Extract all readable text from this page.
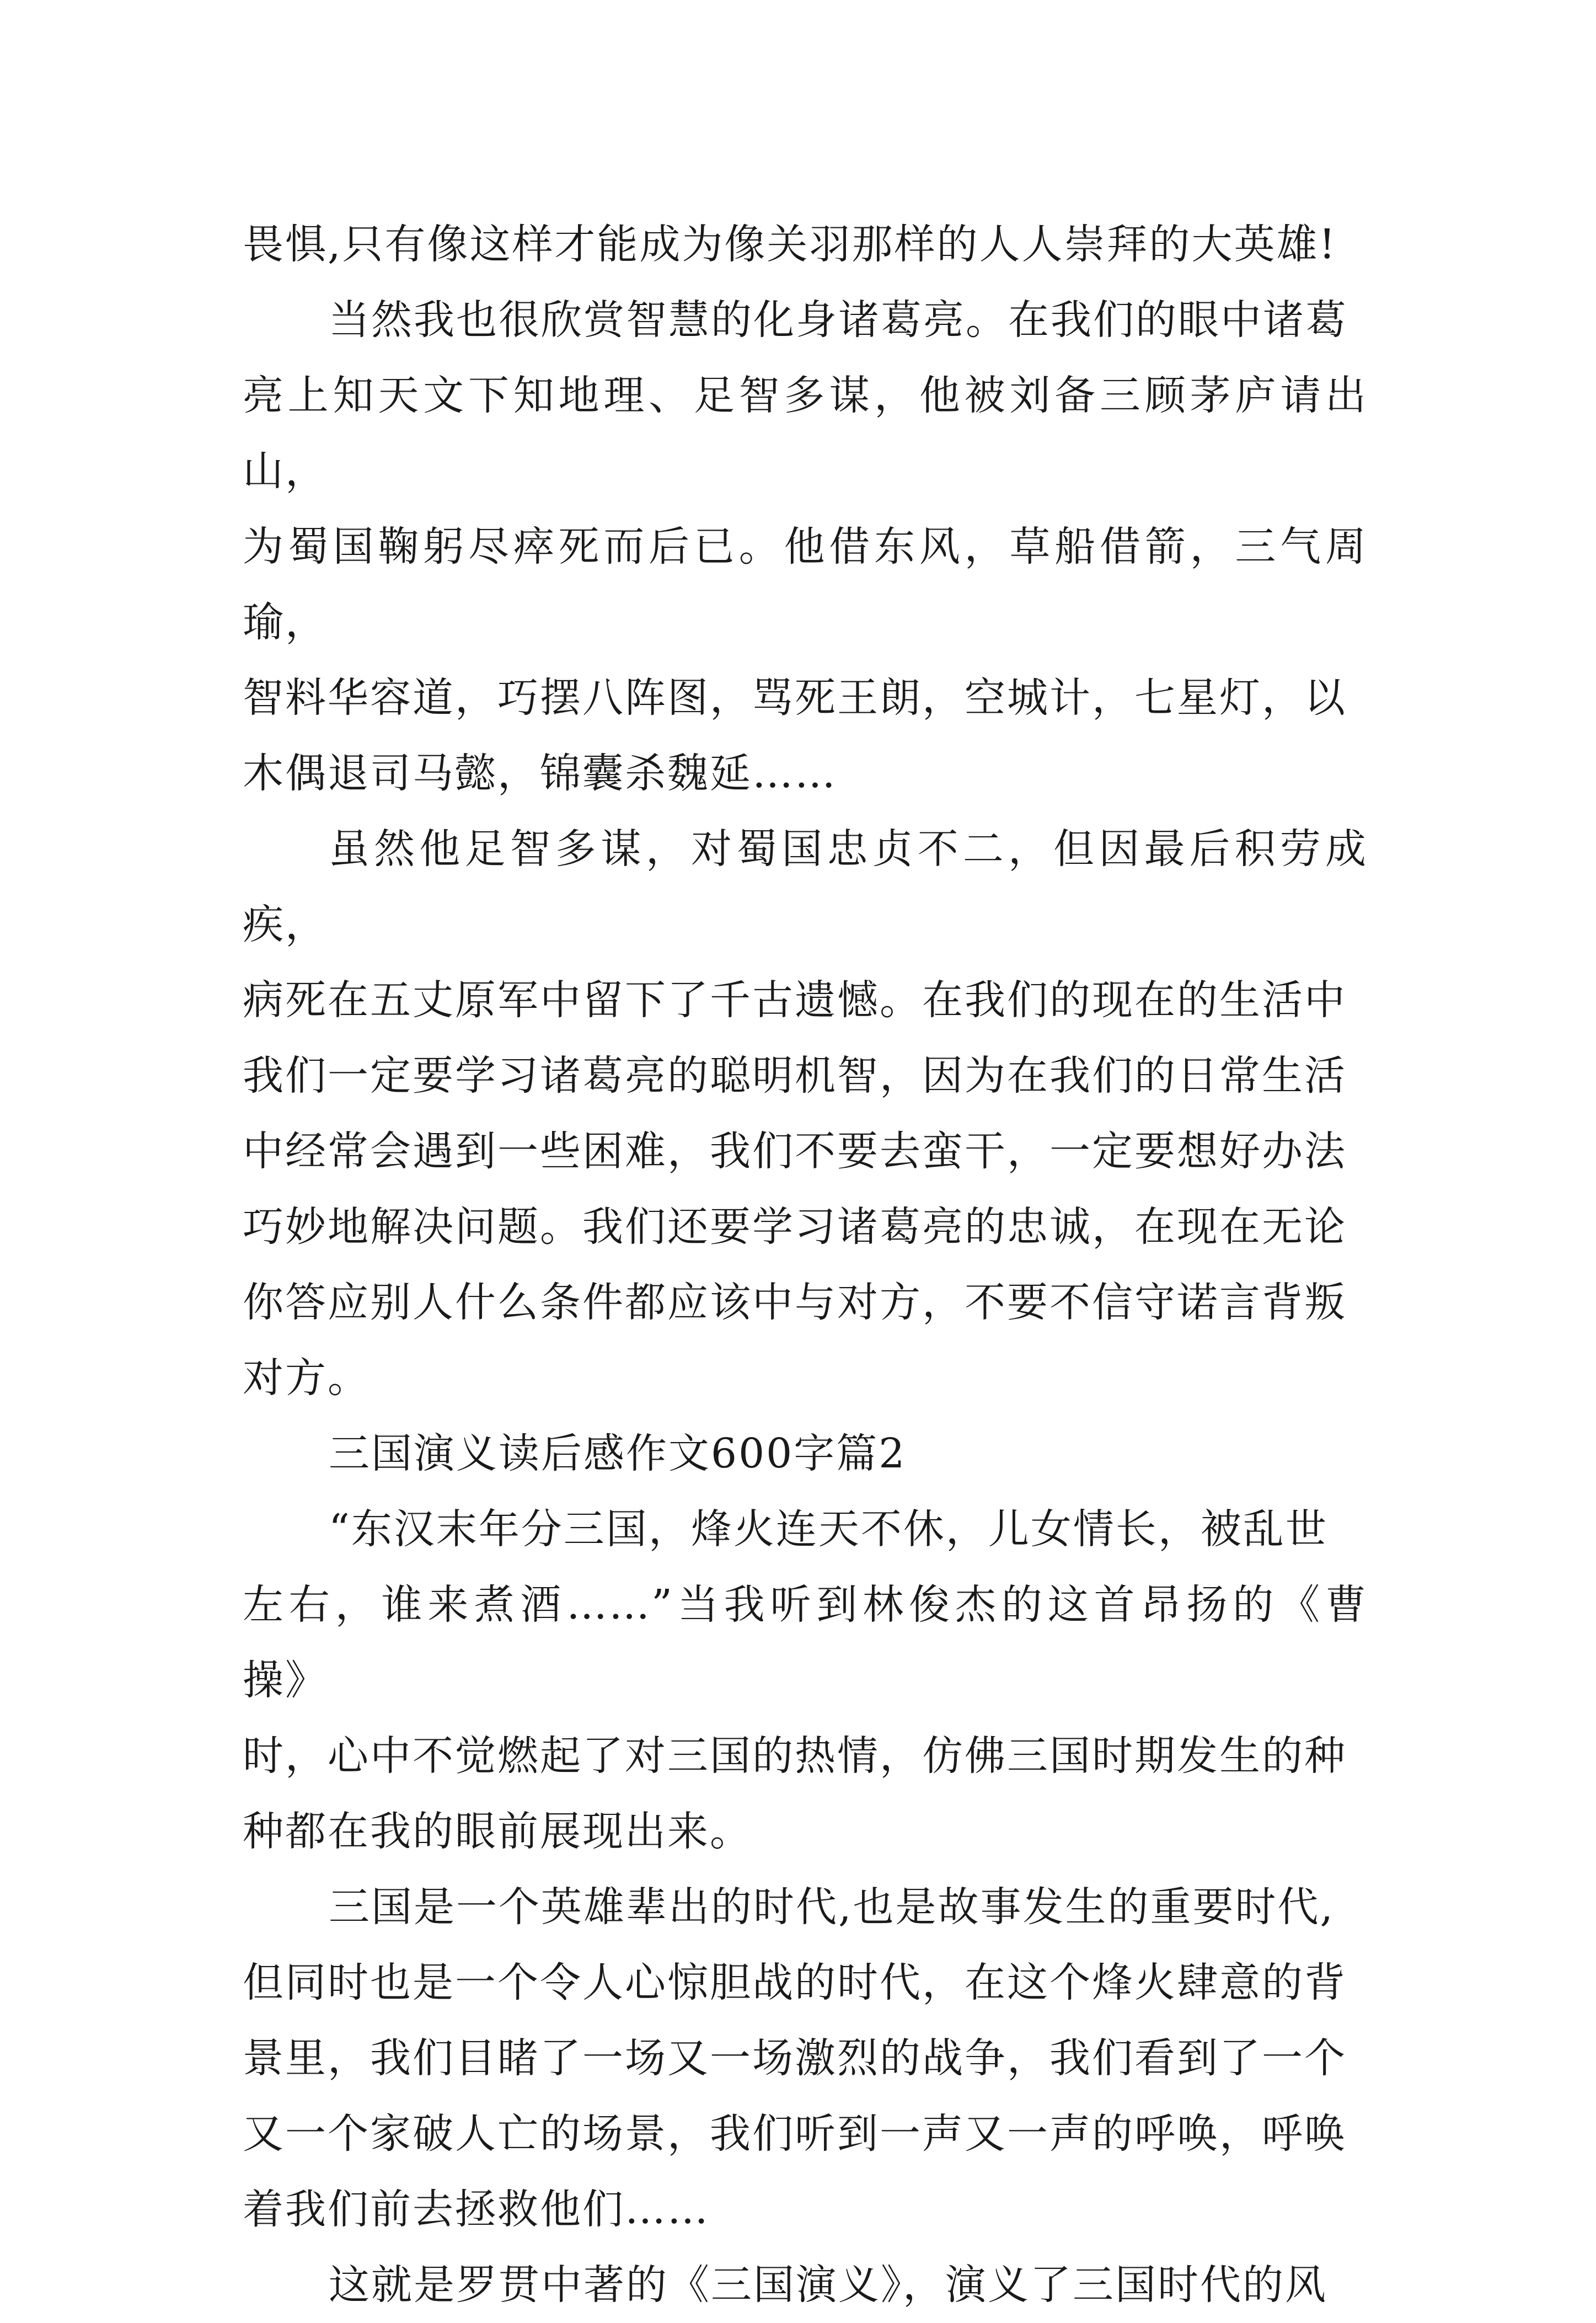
畏惧,只有像这样才能成为像关羽那样的人人崇拜的大英雄!

当然我也很欣赏智慧的化身诸葛亮。在我们的眼中诸葛
亮上知天文下知地理、足智多谋，他被刘备三顾茅庐请出山，
为蜀国鞠躬尽瘁死而后已。他借东风，草船借箭，三气周瑜，
智料华容道，巧摆八阵图，骂死王朗，空城计，七星灯，以
木偶退司马懿，锦囊杀魏延……

虽然他足智多谋，对蜀国忠贞不二，但因最后积劳成疾，
病死在五丈原军中留下了千古遗憾。在我们的现在的生活中
我们一定要学习诸葛亮的聪明机智，因为在我们的日常生活
中经常会遇到一些困难，我们不要去蛮干，一定要想好办法
巧妙地解决问题。我们还要学习诸葛亮的忠诚，在现在无论
你答应别人什么条件都应该中与对方，不要不信守诺言背叛
对方。

三国演义读后感作文600字篇2

“东汉末年分三国，烽火连天不休，儿女情长，被乱世
左右，谁来煮酒……”当我听到林俊杰的这首昂扬的《曹操》
时，心中不觉燃起了对三国的热情，仿佛三国时期发生的种
种都在我的眼前展现出来。

三国是一个英雄辈出的时代,也是故事发生的重要时代,
但同时也是一个令人心惊胆战的时代，在这个烽火肆意的背
景里，我们目睹了一场又一场激烈的战争，我们看到了一个
又一个家破人亡的场景，我们听到一声又一声的呼唤，呼唤
着我们前去拯救他们……

这就是罗贯中著的《三国演义》，演义了三国时代的风
